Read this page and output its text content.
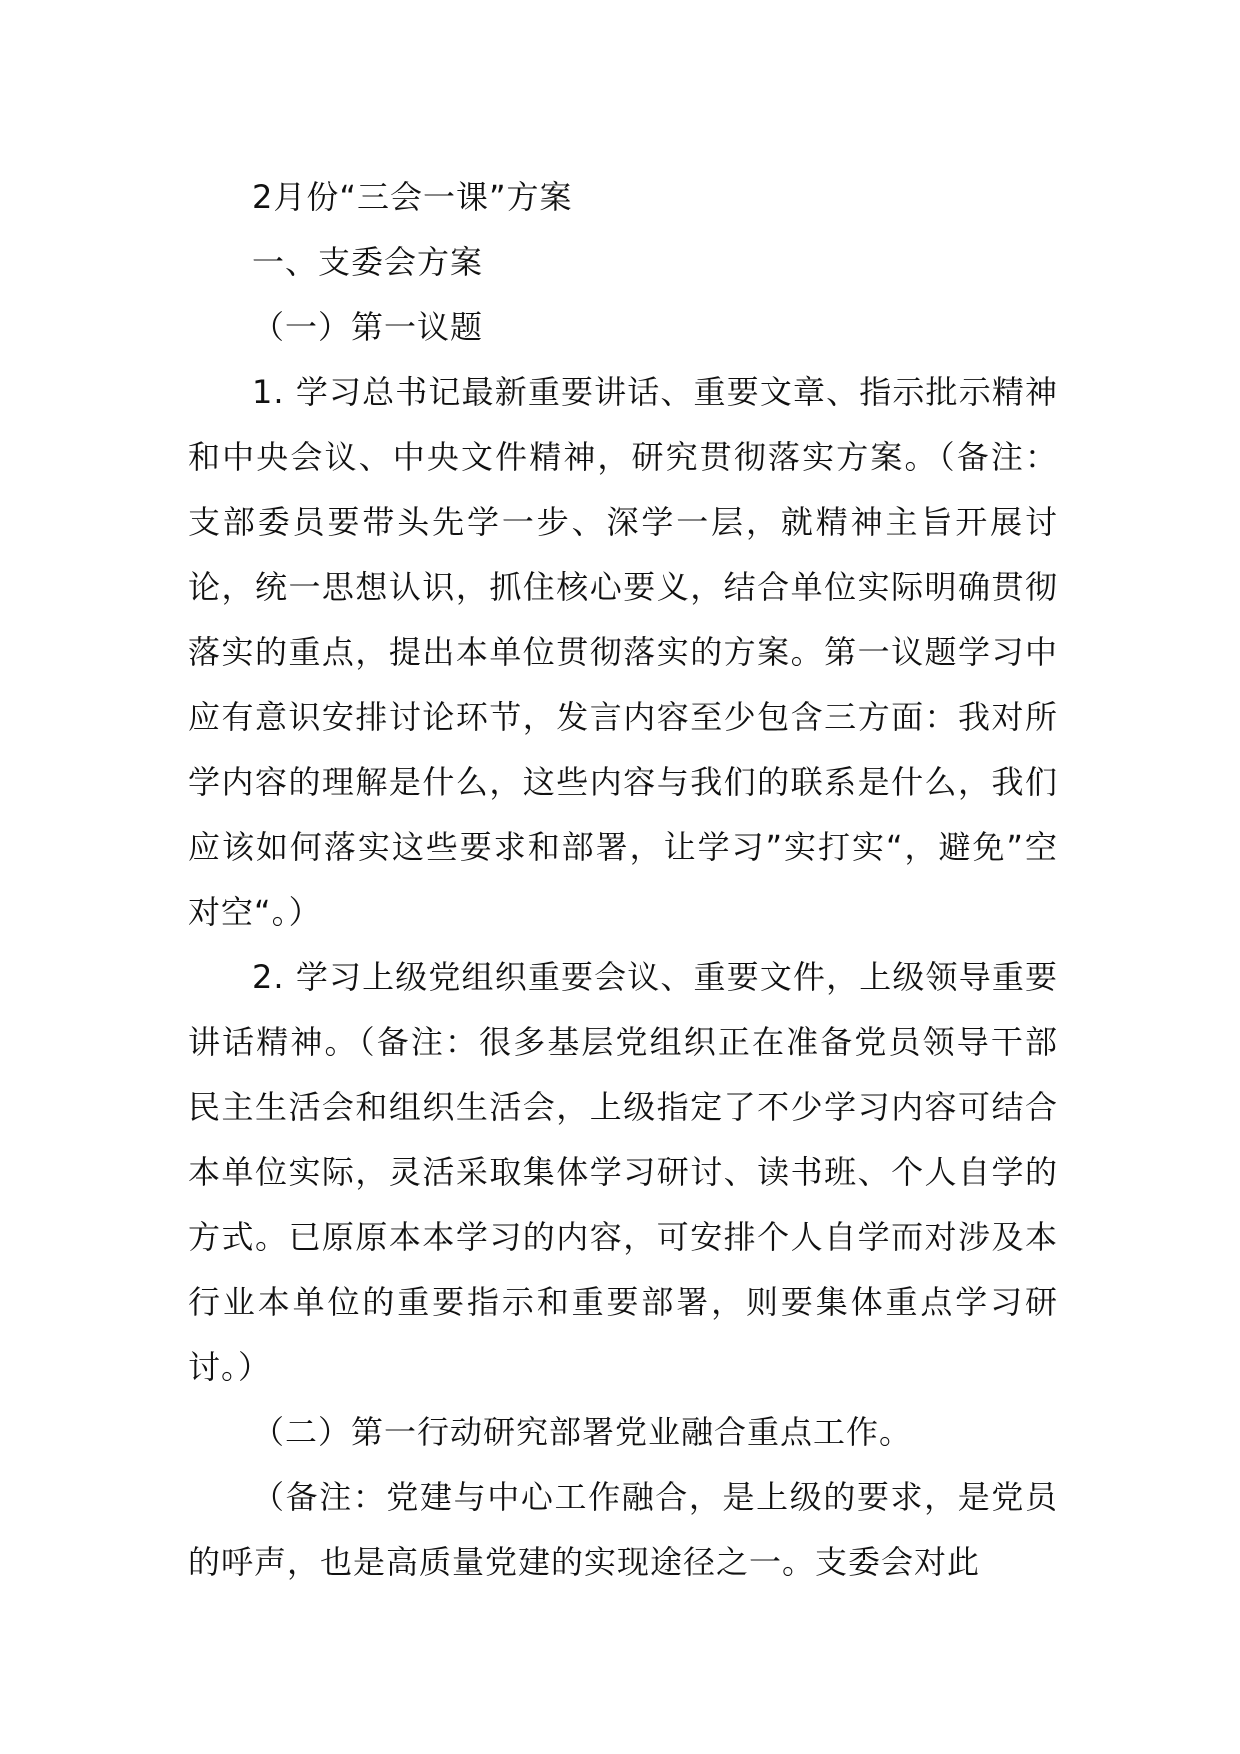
2月份“三会一课”方案

一、支委会方案

（一）第一议题

1. 学习总书记最新重要讲话、重要文章、指示批示精神和中央会议、中央文件精神，研究贯彻落实方案。（备注：支部委员要带头先学一步、深学一层，就精神主旨开展讨论，统一思想认识，抓住核心要义，结合单位实际明确贯彻落实的重点，提出本单位贯彻落实的方案。第一议题学习中应有意识安排讨论环节，发言内容至少包含三方面：我对所学内容的理解是什么，这些内容与我们的联系是什么，我们应该如何落实这些要求和部署，让学习”实打实“，避免”空对空“。）

2. 学习上级党组织重要会议、重要文件，上级领导重要讲话精神。（备注：很多基层党组织正在准备党员领导干部民主生活会和组织生活会，上级指定了不少学习内容可结合本单位实际，灵活采取集体学习研讨、读书班、个人自学的方式。已原原本本学习的内容，可安排个人自学而对涉及本行业本单位的重要指示和重要部署，则要集体重点学习研讨。）

（二）第一行动研究部署党业融合重点工作。

（备注：党建与中心工作融合，是上级的要求，是党员的呼声，也是高质量党建的实现途径之一。支委会对此
